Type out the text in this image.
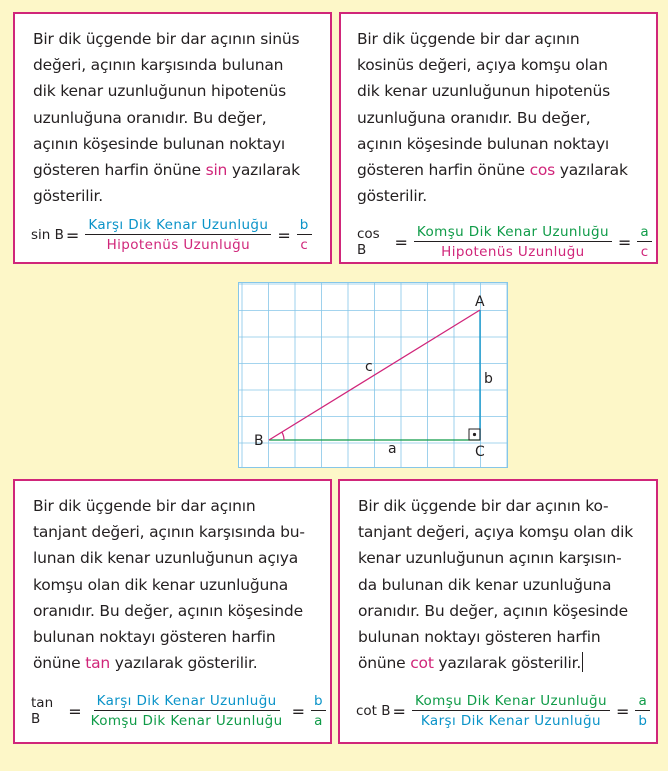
Bir dik üçgende bir dar açının sinüs
değeri, açının karşısında bulunan
dik kenar uzunluğunun hipotenüs
uzunluğuna oranıdır. Bu değer,
açının köşesinde bulunan noktayı
gösteren harfin önüne sin yazılarak
gösterilir.
$\sin B = \frac{\text{Karşı Dik Kenar Uzunluğu}}{\text{Hipotenüs Uzunluğu}} = \frac{b}{c}$
Bir dik üçgende bir dar açının
kosinüs değeri, açıya komşu olan
dik kenar uzunluğunun hipotenüs
uzunluğuna oranıdır. Bu değer,
açının köşesinde bulunan noktayı
gösteren harfin önüne cos yazılarak
gösterilir.
cos B	= $\frac{\text{Komşu Dik Kenar Uzunluğu}}{\text{Hipotenüs Uzunluğu}} = \frac{a}{c}$
A
B
C
a
b
c
Bir dik üçgende bir dar açının
tanjant değeri, açının karşısında bu-
lunan dik kenar uzunluğunun açıya
komşu olan dik kenar uzunluğuna
oranıdır. Bu değer, açının köşesinde
bulunan noktayı gösteren harfin
önüne tan yazılarak gösterilir.
tan B	= $\frac{\text{Karşı Dik Kenar Uzunluğu}}{\text{Komşu Dik Kenar Uzunluğu}} = \frac{b}{a}$
Bir dik üçgende bir dar açının ko-
tanjant değeri, açıya komşu olan dik
kenar uzunluğunun açının karşısın-
da bulunan dik kenar uzunluğuna
oranıdır. Bu değer, açının köşesinde
bulunan noktayı gösteren harfin
önüne cot yazılarak gösterilir.
$\cot B = \frac{\text{Komşu Dik Kenar Uzunluğu}}{\text{Karşı Dik Kenar Uzunluğu}} = \frac{a}{b}$
